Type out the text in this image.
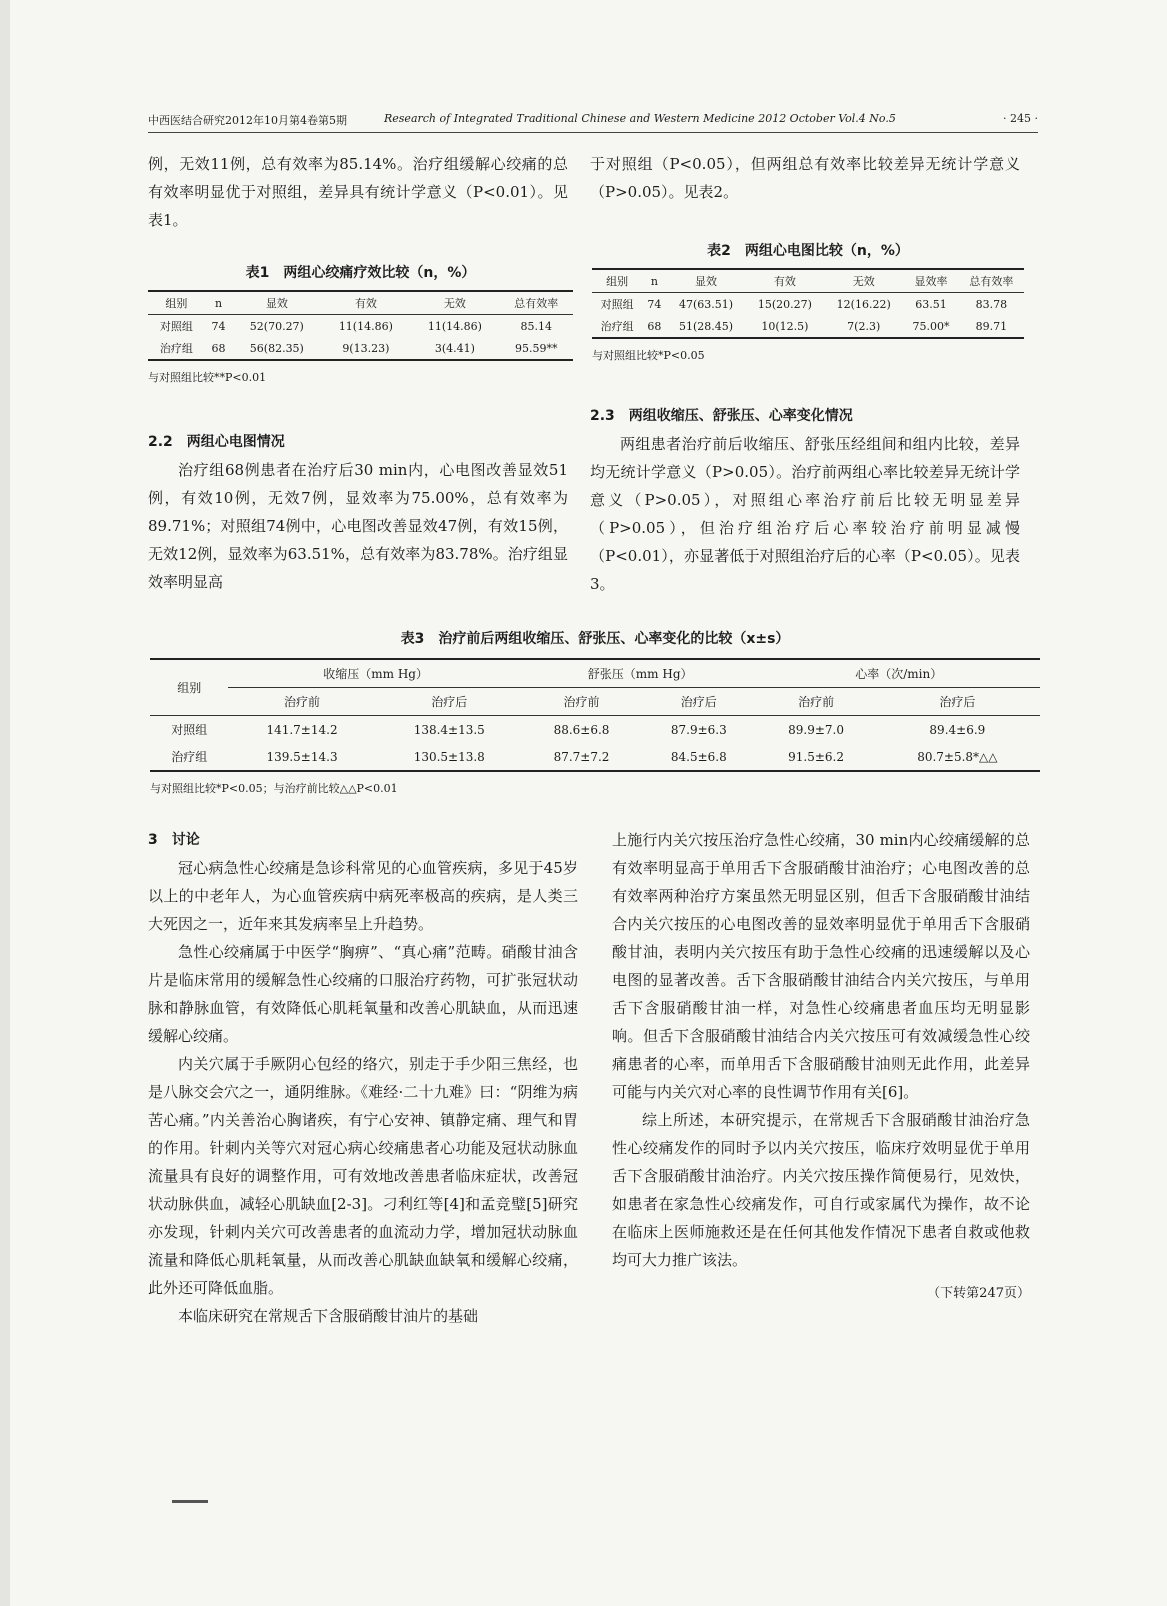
中西医结合研究2012年10月第4卷第5期	Research of Integrated Traditional Chinese and Western Medicine 2012 October Vol.4 No.5	· 245 ·

例，无效11例，总有效率为85.14%。治疗组缓解心绞痛的总有效率明显优于对照组，差异具有统计学意义（P<0.01）。见表1。

表1　两组心绞痛疗效比较（n，%）
组别	n	显效	有效	无效	总有效率
对照组	74	52(70.27)	11(14.86)	11(14.86)	85.14
治疗组	68	56(82.35)	9(13.23)	3(4.41)	95.59**
与对照组比较**P<0.01
2.2　两组心电图情况

治疗组68例患者在治疗后30 min内，心电图改善显效51例，有效10例，无效7例，显效率为75.00%，总有效率为89.71%；对照组74例中，心电图改善显效47例，有效15例，无效12例，显效率为63.51%，总有效率为83.78%。治疗组显效率明显高

于对照组（P<0.05），但两组总有效率比较差异无统计学意义（P>0.05）。见表2。

表2　两组心电图比较（n，%）
组别	n	显效	有效	无效	显效率	总有效率
对照组	74	47(63.51)	15(20.27)	12(16.22)	63.51	83.78
治疗组	68	51(28.45)	10(12.5)	7(2.3)	75.00*	89.71
与对照组比较*P<0.05
2.3　两组收缩压、舒张压、心率变化情况

两组患者治疗前后收缩压、舒张压经组间和组内比较，差异均无统计学意义（P>0.05）。治疗前两组心率比较差异无统计学意义（P>0.05），对照组心率治疗前后比较无明显差异（P>0.05），但治疗组治疗后心率较治疗前明显减慢（P<0.01），亦显著低于对照组治疗后的心率（P<0.05）。见表3。

表3　治疗前后两组收缩压、舒张压、心率变化的比较（x±s）
组别	收缩压（mm Hg）		舒张压（mm Hg）		心率（次/min）	
	治疗前	治疗后	治疗前	治疗后	治疗前	治疗后
对照组	141.7±14.2	138.4±13.5	88.6±6.8	87.9±6.3	89.9±7.0	89.4±6.9
治疗组	139.5±14.3	130.5±13.8	87.7±7.2	84.5±6.8	91.5±6.2	80.7±5.8*△△
与对照组比较*P<0.05；与治疗前比较△△P<0.01
3　讨论

冠心病急性心绞痛是急诊科常见的心血管疾病，多见于45岁以上的中老年人，为心血管疾病中病死率极高的疾病，是人类三大死因之一，近年来其发病率呈上升趋势。

急性心绞痛属于中医学“胸痹”、“真心痛”范畴。硝酸甘油含片是临床常用的缓解急性心绞痛的口服治疗药物，可扩张冠状动脉和静脉血管，有效降低心肌耗氧量和改善心肌缺血，从而迅速缓解心绞痛。

内关穴属于手厥阴心包经的络穴，别走于手少阳三焦经，也是八脉交会穴之一，通阴维脉。《难经·二十九难》曰：“阴维为病苦心痛。”内关善治心胸诸疾，有宁心安神、镇静定痛、理气和胃的作用。针刺内关等穴对冠心病心绞痛患者心功能及冠状动脉血流量具有良好的调整作用，可有效地改善患者临床症状，改善冠状动脉供血，减轻心肌缺血[2-3]。刁利红等[4]和孟竞璧[5]研究亦发现，针刺内关穴可改善患者的血流动力学，增加冠状动脉血流量和降低心肌耗氧量，从而改善心肌缺血缺氧和缓解心绞痛，此外还可降低血脂。

本临床研究在常规舌下含服硝酸甘油片的基础

上施行内关穴按压治疗急性心绞痛，30 min内心绞痛缓解的总有效率明显高于单用舌下含服硝酸甘油治疗；心电图改善的总有效率两种治疗方案虽然无明显区别，但舌下含服硝酸甘油结合内关穴按压的心电图改善的显效率明显优于单用舌下含服硝酸甘油，表明内关穴按压有助于急性心绞痛的迅速缓解以及心电图的显著改善。舌下含服硝酸甘油结合内关穴按压，与单用舌下含服硝酸甘油一样，对急性心绞痛患者血压均无明显影响。但舌下含服硝酸甘油结合内关穴按压可有效减缓急性心绞痛患者的心率，而单用舌下含服硝酸甘油则无此作用，此差异可能与内关穴对心率的良性调节作用有关[6]。

综上所述，本研究提示，在常规舌下含服硝酸甘油治疗急性心绞痛发作的同时予以内关穴按压，临床疗效明显优于单用舌下含服硝酸甘油治疗。内关穴按压操作简便易行，见效快，如患者在家急性心绞痛发作，可自行或家属代为操作，故不论在临床上医师施救还是在任何其他发作情况下患者自救或他救均可大力推广该法。

（下转第247页）
